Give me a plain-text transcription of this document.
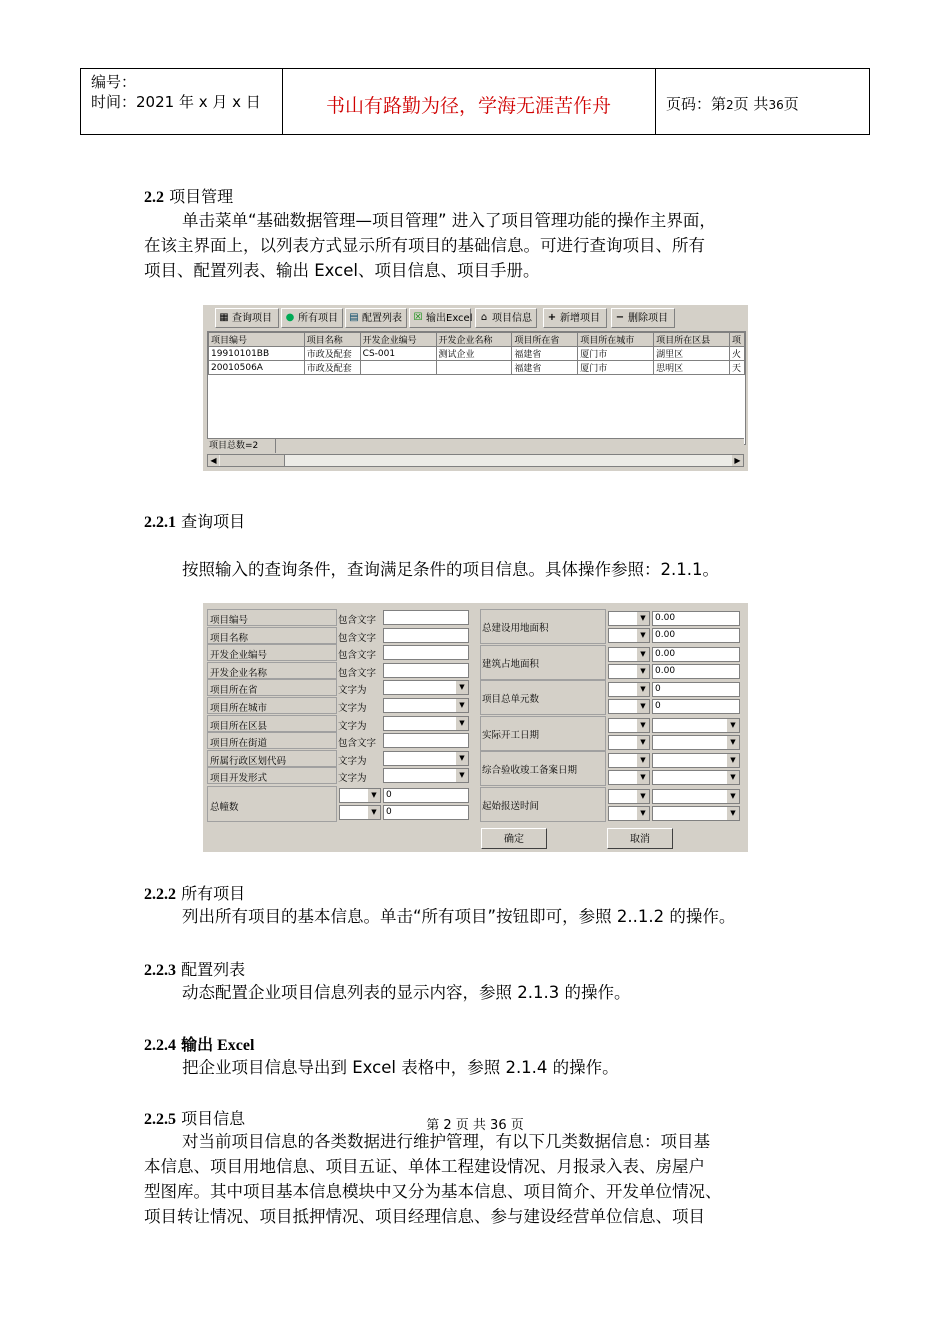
编号：
时间：2021 年 x 月 x 日	书山有路勤为径，学海无涯苦作舟	页码：第2页 共36页
2.2 项目管理
单击菜单“基础数据管理—项目管理” 进入了项目管理功能的操作主界面，
在该主界面上，以列表方式显示所有项目的基础信息。可进行查询项目、所有
项目、配置列表、输出 Excel、项目信息、项目手册。
▦ 查询项目	● 所有项目	▤ 配置列表	☒ 输出Excel ⌂ 项目信息	+ 新增项目	− 删除项目
项目编号	项目名称	开发企业编号	开发企业名称	项目所在省	项目所在城市	项目所在区县	项
19910101BB	市政及配套	CS-001	测试企业	福建省	厦门市	湖里区	火
20010506A	市政及配套			福建省	厦门市	思明区	天
项目总数=2
◀	▶
2.2.1 查询项目
按照输入的查询条件，查询满足条件的项目信息。具体操作参照：2.1.1。
确定	取消
项目编号	包含文字
项目名称	包含文字
开发企业编号	包含文字
开发企业名称	包含文字
项目所在省	文字为	▼
项目所在城市	文字为	▼
项目所在区县	文字为	▼
项目所在街道	包含文字
所属行政区划代码	文字为	▼
项目开发形式	文字为	▼
总幢数
▼	0
▼	0
总建设用地面积
▼	0.00
▼	0.00
建筑占地面积
▼	0.00
▼	0.00
项目总单元数
▼	0
▼	0
实际开工日期
▼	▼
▼	▼
综合验收竣工备案日期
▼	▼
▼	▼
起始报送时间
▼	▼
▼	▼
2.2.2 所有项目
列出所有项目的基本信息。单击“所有项目”按钮即可，参照 2..1.2 的操作。
2.2.3 配置列表
动态配置企业项目信息列表的显示内容，参照 2.1.3 的操作。
2.2.4 输出 Excel
把企业项目信息导出到 Excel 表格中，参照 2.1.4 的操作。
2.2.5 项目信息	第 2 页 共 36 页
对当前项目信息的各类数据进行维护管理，有以下几类数据信息：项目基
本信息、项目用地信息、项目五证、单体工程建设情况、月报录入表、房屋户
型图库。其中项目基本信息模块中又分为基本信息、项目简介、开发单位情况、
项目转让情况、项目抵押情况、项目经理信息、参与建设经营单位信息、项目
